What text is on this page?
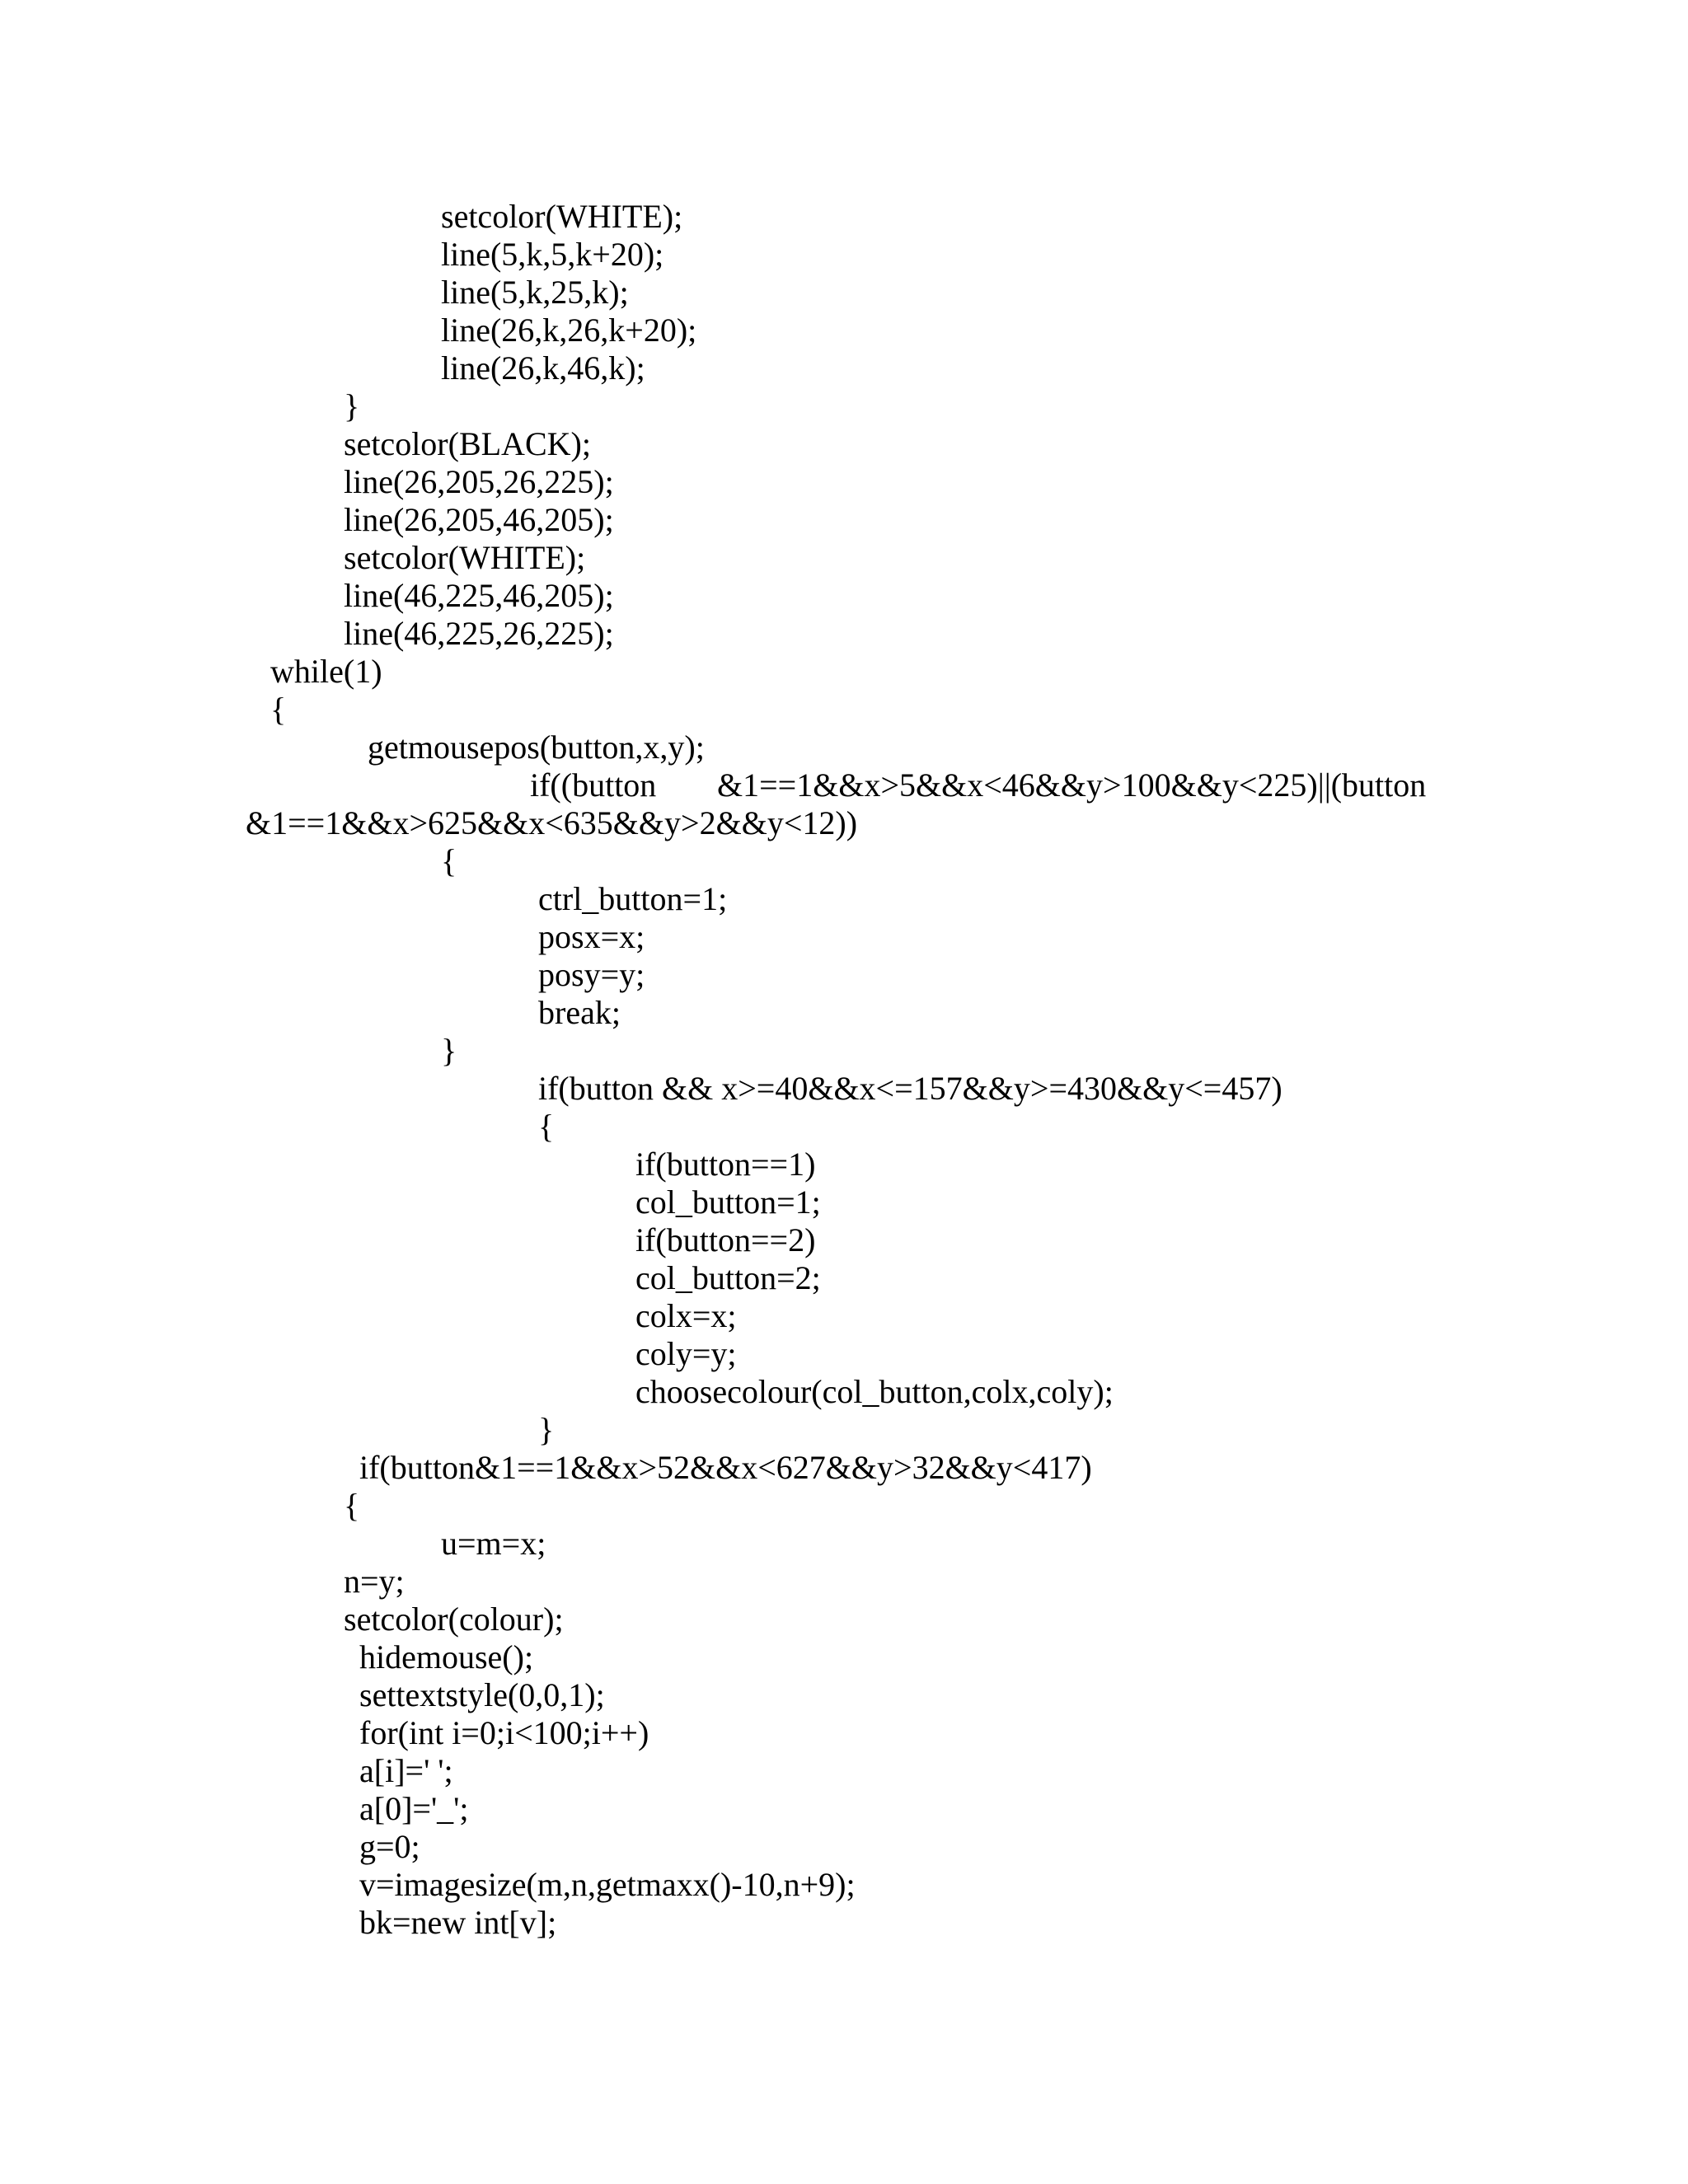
setcolor(WHITE);
line(5,k,5,k+20);
line(5,k,25,k);
line(26,k,26,k+20);
line(26,k,46,k);
}
setcolor(BLACK);
line(26,205,26,225);
line(26,205,46,205);
setcolor(WHITE);
line(46,225,46,205);
line(46,225,26,225);
while(1)
{
getmousepos(button,x,y);
if((button &1==1&&x>5&&x<46&&y>100&&y<225)||(button
&1==1&&x>625&&x<635&&y>2&&y<12))
{
ctrl_button=1;
posx=x;
posy=y;
break;
}
if(button && x>=40&&x<=157&&y>=430&&y<=457)
{
if(button==1)
col_button=1;
if(button==2)
col_button=2;
colx=x;
coly=y;
choosecolour(col_button,colx,coly);
}
if(button&1==1&&x>52&&x<627&&y>32&&y<417)
{
u=m=x;
n=y;
setcolor(colour);
hidemouse();
settextstyle(0,0,1);
for(int i=0;i<100;i++)
a[i]=' ';
a[0]='_';
g=0;
v=imagesize(m,n,getmaxx()-10,n+9);
bk=new int[v];
